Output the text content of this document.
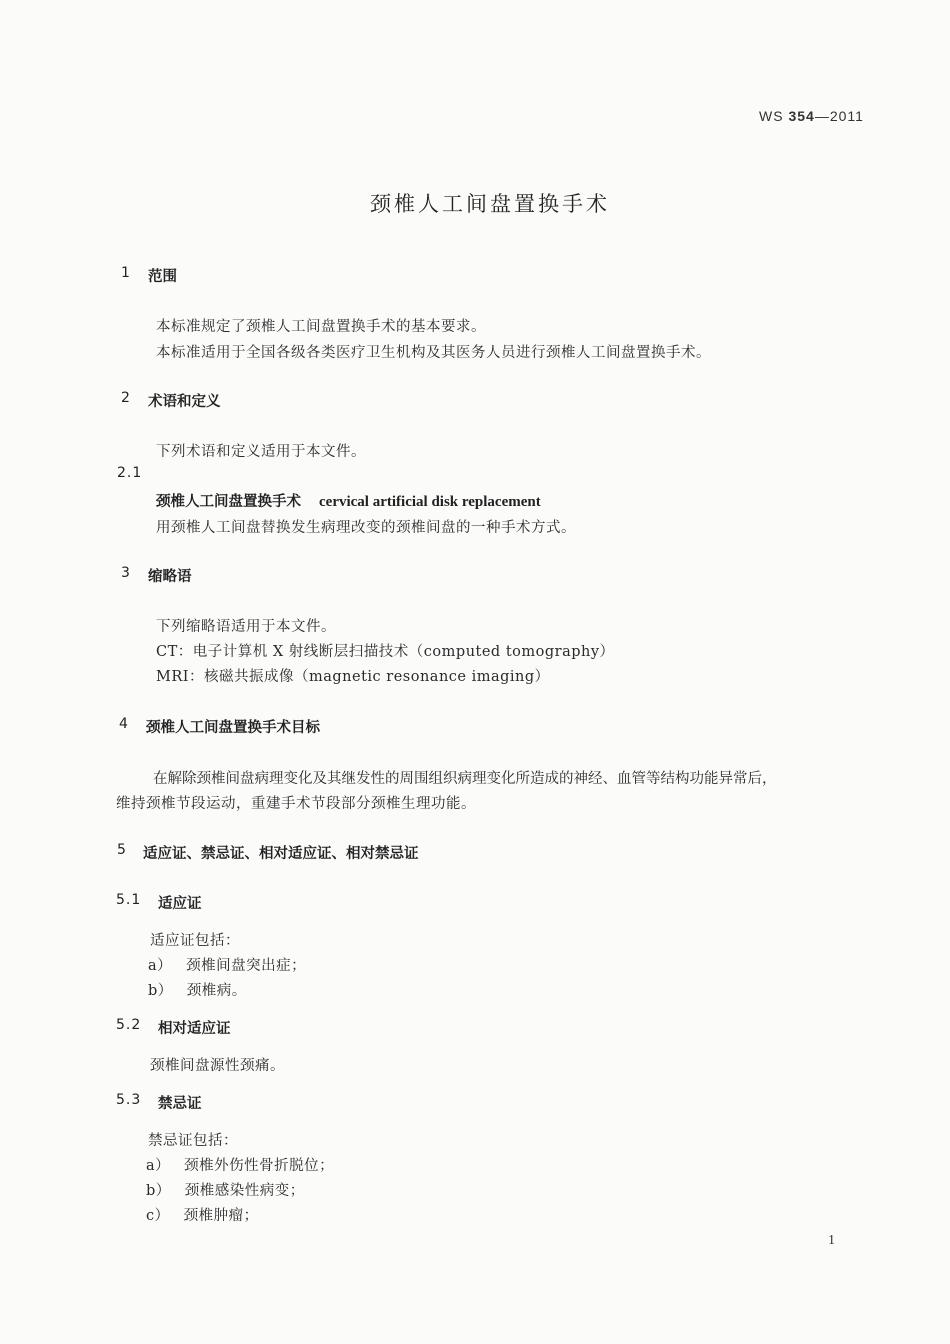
WS 354—2011
颈椎人工间盘置换手术
1 范围
本标准规定了颈椎人工间盘置换手术的基本要求。
本标准适用于全国各级各类医疗卫生机构及其医务人员进行颈椎人工间盘置换手术。
2 术语和定义
下列术语和定义适用于本文件。
2.1
颈椎人工间盘置换手术 cervical artificial disk replacement
用颈椎人工间盘替换发生病理改变的颈椎间盘的一种手术方式。
3 缩略语
下列缩略语适用于本文件。
CT：电子计算机 X 射线断层扫描技术（computed tomography）
MRI：核磁共振成像（magnetic resonance imaging）
4 颈椎人工间盘置换手术目标
在解除颈椎间盘病理变化及其继发性的周围组织病理变化所造成的神经、血管等结构功能异常后，
维持颈椎节段运动，重建手术节段部分颈椎生理功能。
5 适应证、禁忌证、相对适应证、相对禁忌证
5.1 适应证
适应证包括：
a） 颈椎间盘突出症；
b） 颈椎病。
5.2 相对适应证
颈椎间盘源性颈痛。
5.3 禁忌证
禁忌证包括：
a） 颈椎外伤性骨折脱位；
b） 颈椎感染性病变；
c） 颈椎肿瘤；
1
